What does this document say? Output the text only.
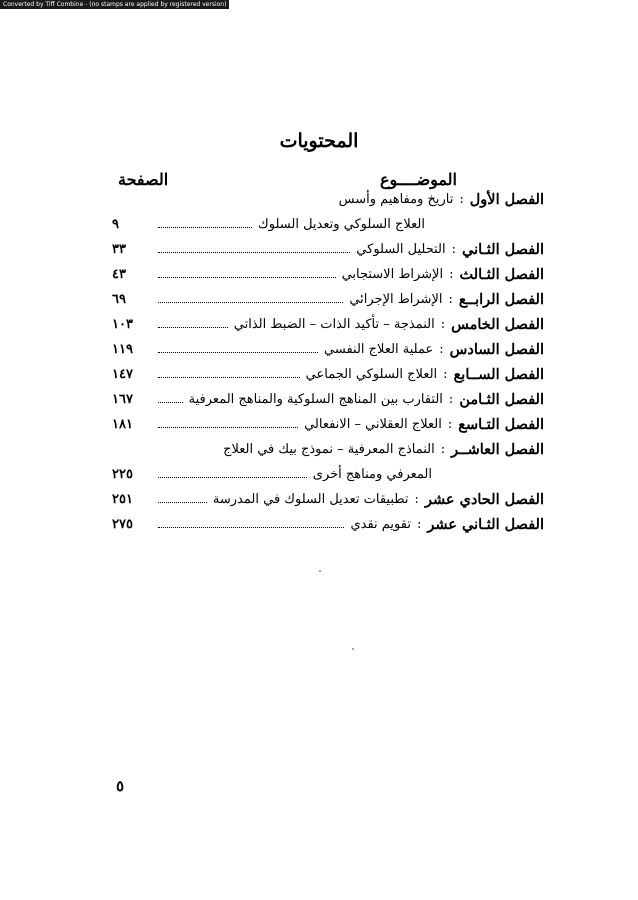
Converted by Tiff Combine - (no stamps are applied by registered version)
المحتويات
الموضــــوع
الصفحة
الفصل الأول
:
تاريخ ومفاهيم وأسس
العلاج السلوكي وتعديل السلوك
٩
الفصل الثـاني
:
التحليل السلوكي
٣٣
الفصل الثـالث
:
الإشراط الاستجابي
٤٣
الفصل الرابــع
:
الإشراط الإجرائي
٦٩
الفصل الخامس
:
النمذجة – تأكيد الذات – الضبط الذاتي
١٠٣
الفصل السادس
:
عملية العلاج النفسي
١١٩
الفصل الســابع
:
العلاج السلوكي الجماعي
١٤٧
الفصل الثـامن
:
التقارب بين المناهج السلوكية والمناهج المعرفية
١٦٧
الفصل التـاسع
:
العلاج العقلاني – الانفعالي
١٨١
الفصل العاشــر
:
النماذج المعرفية – نموذج بيك في العلاج
المعرفي ومناهج أخرى
٢٢٥
الفصل الحادي عشر
:
تطبيقات تعديل السلوك في المدرسة
٢٥١
الفصل الثـاني عشر
:
تقويم نقدي
٢٧٥
٥
